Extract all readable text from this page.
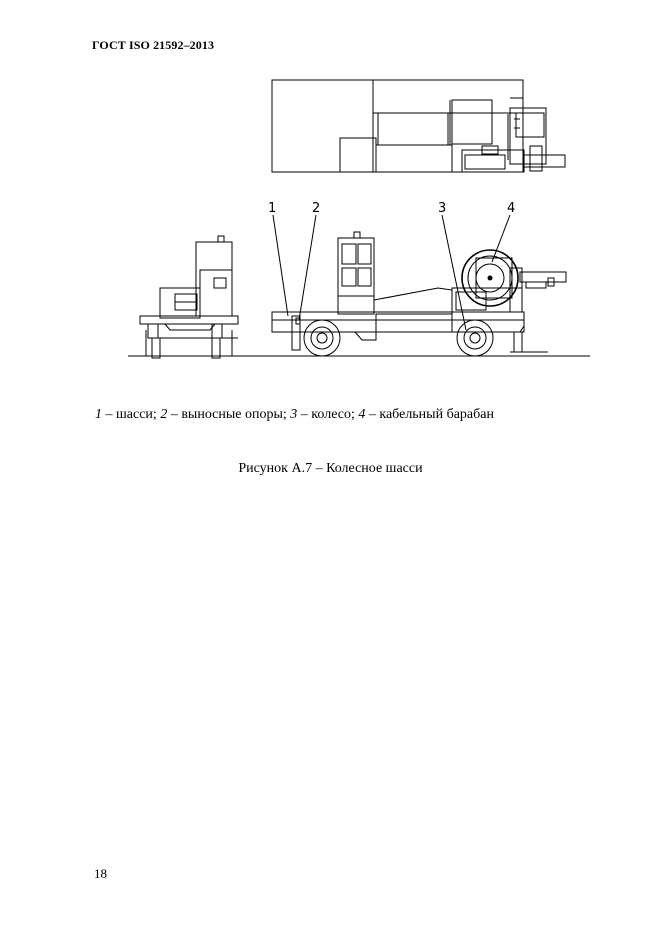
ГОСТ ISO 21592–2013
1	2	3	4
1 – шасси; 2 – выносные опоры; 3 – колесо; 4 – кабельный барабан
Рисунок А.7 – Колесное шасси
18
